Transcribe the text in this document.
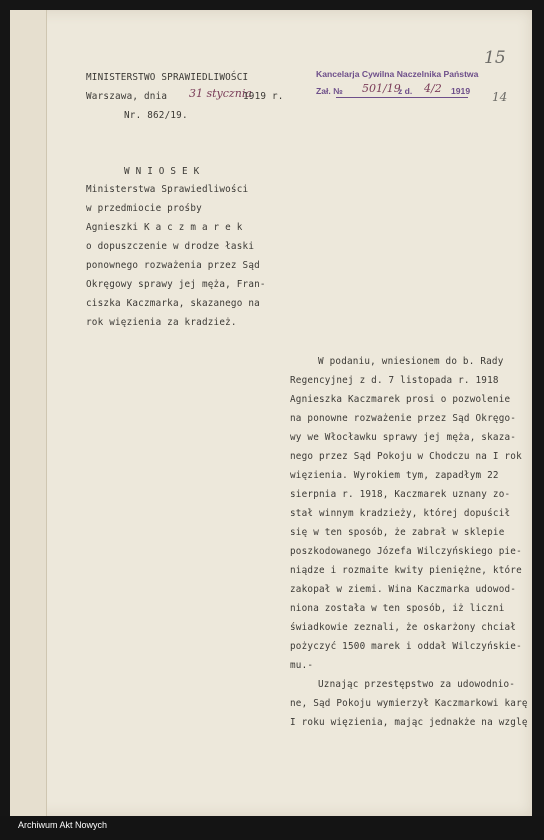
MINISTERSTWO SPRAWIEDLIWOŚCI
Warszawa, dnia 31 stycznia
1919 r.
Nr. 862/19.
Kancelarja Cywilna Naczelnika Państwa
Zał. № 501/19
z d. 4/2 1919
15
14
W N I O S E K
Ministerstwa Sprawiedliwości
w przedmiocie prośby
Agnieszki K a c z m a r e k
o dopuszczenie w drodze łaski
ponownego rozważenia przez Sąd
Okręgowy sprawy jej męża, Fran-
ciszka Kaczmarka, skazanego na
rok więzienia za kradzież.
W podaniu, wniesionem do b. Rady
Regencyjnej z d. 7 listopada r. 1918
Agnieszka Kaczmarek prosi o pozwolenie
na ponowne rozważenie przez Sąd Okręgo-
wy we Włocławku sprawy jej męża, skaza-
nego przez Sąd Pokoju w Chodczu na I rok
więzienia. Wyrokiem tym, zapadłym 22
sierpnia r. 1918, Kaczmarek uznany zo-
stał winnym kradzieży, której dopuścił
się w ten sposób, że zabrał w sklepie
poszkodowanego Józefa Wilczyńskiego pie-
niądze i rozmaite kwity pieniężne, które
zakopał w ziemi. Wina Kaczmarka udowod-
niona została w ten sposób, iż liczni
świadkowie zeznali, że oskarżony chciał
pożyczyć 1500 marek i oddał Wilczyńskie-
mu.-
Uznając przestępstwo za udowodnio-
ne, Sąd Pokoju wymierzył Kaczmarkowi karę
I roku więzienia, mając jednakże na wzglę
Archiwum Akt Nowych
